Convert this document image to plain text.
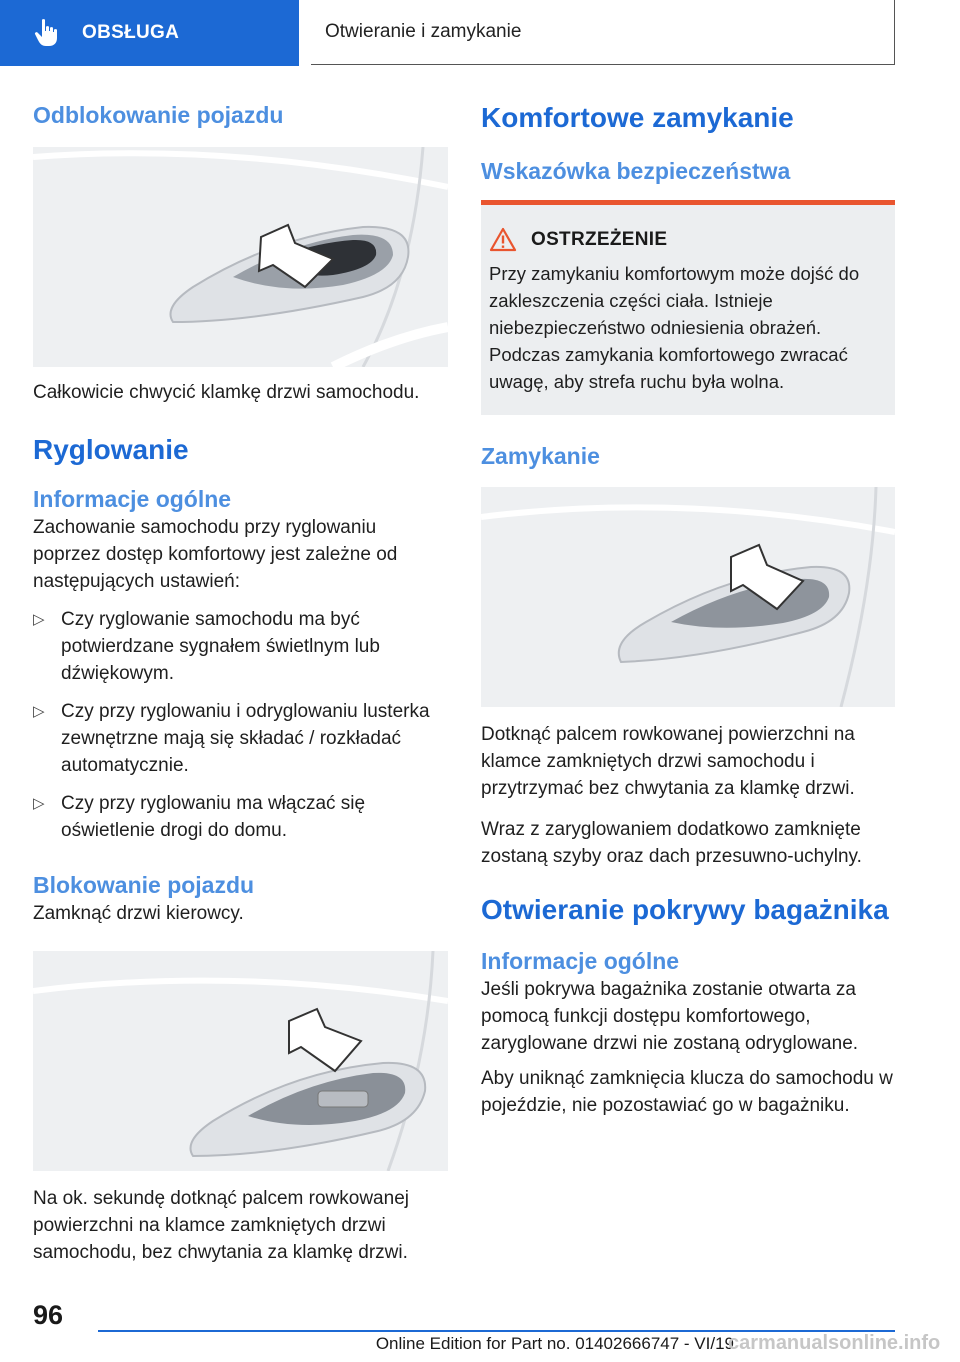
OBSŁUGA	Otwieranie i zamykanie
Odblokowanie pojazdu

Całkowicie chwycić klamkę drzwi samochodu.

Ryglowanie
Informacje ogólne

Zachowanie samochodu przy ryglowaniu poprzez dostęp komfortowy jest zależne od następujących ustawień:

▷ Czy ryglowanie samochodu ma być potwierdzane sygnałem świetlnym lub dźwiękowym.
▷ Czy przy ryglowaniu i odryglowaniu lusterka zewnętrzne mają się składać / rozkładać automatycznie.
▷ Czy przy ryglowaniu ma włączać się oświetlenie drogi do domu.
Blokowanie pojazdu

Zamknąć drzwi kierowcy.

Na ok. sekundę dotknąć palcem rowkowanej powierzchni na klamce zamkniętych drzwi samochodu, bez chwytania za klamkę drzwi.

Komfortowe zamykanie
Wskazówka bezpieczeństwa
OSTRZEŻENIE

Przy zamykaniu komfortowym może dojść do zakleszczenia części ciała. Istnieje niebezpieczeństwo odniesienia obrażeń. Podczas zamykania komfortowego zwracać uwagę, aby strefa ruchu była wolna.

Zamykanie

Dotknąć palcem rowkowanej powierzchni na klamce zamkniętych drzwi samochodu i przytrzymać bez chwytania za klamkę drzwi.

Wraz z zaryglowaniem dodatkowo zamknięte zostaną szyby oraz dach przesuwno-uchylny.

Otwieranie pokrywy bagażnika
Informacje ogólne

Jeśli pokrywa bagażnika zostanie otwarta za pomocą funkcji dostępu komfortowego, zaryglowane drzwi nie zostaną odryglowane.

Aby uniknąć zamknięcia klucza do samochodu w pojeździe, nie pozostawiać go w bagażniku.

96
Online Edition for Part no. 01402666747 - VI/19
carmanualsonline.info
